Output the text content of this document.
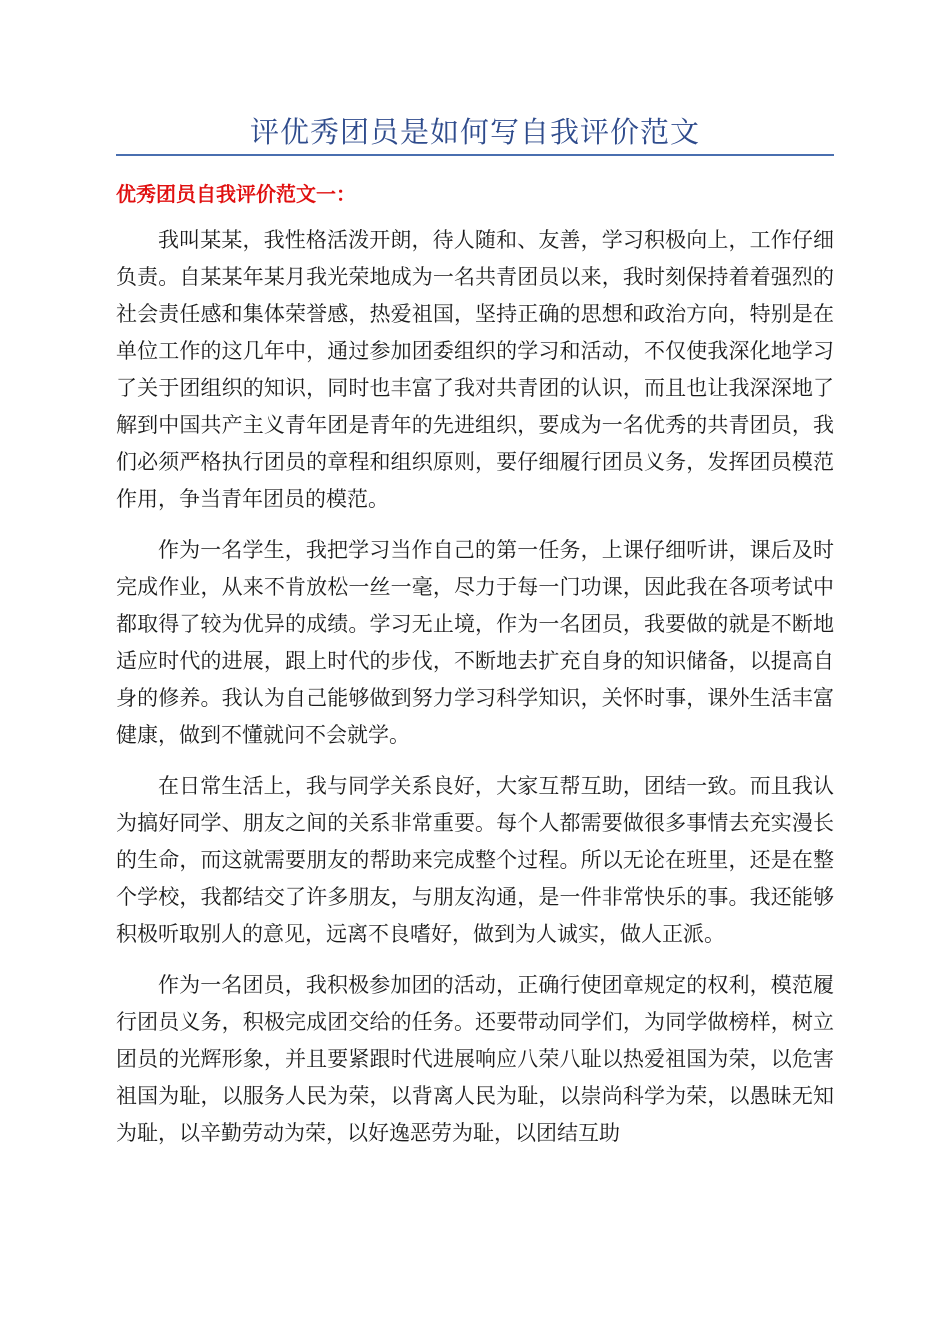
评优秀团员是如何写自我评价范文
优秀团员自我评价范文一：

我叫某某，我性格活泼开朗，待人随和、友善，学习积极向上，工作仔细负责。自某某年某月我光荣地成为一名共青团员以来，我时刻保持着着强烈的社会责任感和集体荣誉感，热爱祖国，坚持正确的思想和政治方向，特别是在单位工作的这几年中，通过参加团委组织的学习和活动，不仅使我深化地学习了关于团组织的知识，同时也丰富了我对共青团的认识，而且也让我深深地了解到中国共产主义青年团是青年的先进组织，要成为一名优秀的共青团员，我们必须严格执行团员的章程和组织原则，要仔细履行团员义务，发挥团员模范作用，争当青年团员的模范。

作为一名学生，我把学习当作自己的第一任务，上课仔细听讲，课后及时完成作业，从来不肯放松一丝一毫，尽力于每一门功课，因此我在各项考试中都取得了较为优异的成绩。学习无止境，作为一名团员，我要做的就是不断地适应时代的进展，跟上时代的步伐，不断地去扩充自身的知识储备，以提高自身的修养。我认为自己能够做到努力学习科学知识，关怀时事，课外生活丰富健康，做到不懂就问不会就学。

在日常生活上，我与同学关系良好，大家互帮互助，团结一致。而且我认为搞好同学、朋友之间的关系非常重要。每个人都需要做很多事情去充实漫长的生命，而这就需要朋友的帮助来完成整个过程。所以无论在班里，还是在整个学校，我都结交了许多朋友，与朋友沟通，是一件非常快乐的事。我还能够积极听取别人的意见，远离不良嗜好，做到为人诚实，做人正派。

作为一名团员，我积极参加团的活动，正确行使团章规定的权利，模范履行团员义务，积极完成团交给的任务。还要带动同学们，为同学做榜样，树立团员的光辉形象，并且要紧跟时代进展响应八荣八耻以热爱祖国为荣，以危害祖国为耻，以服务人民为荣，以背离人民为耻，以崇尚科学为荣，以愚昧无知为耻，以辛勤劳动为荣，以好逸恶劳为耻，以团结互助
